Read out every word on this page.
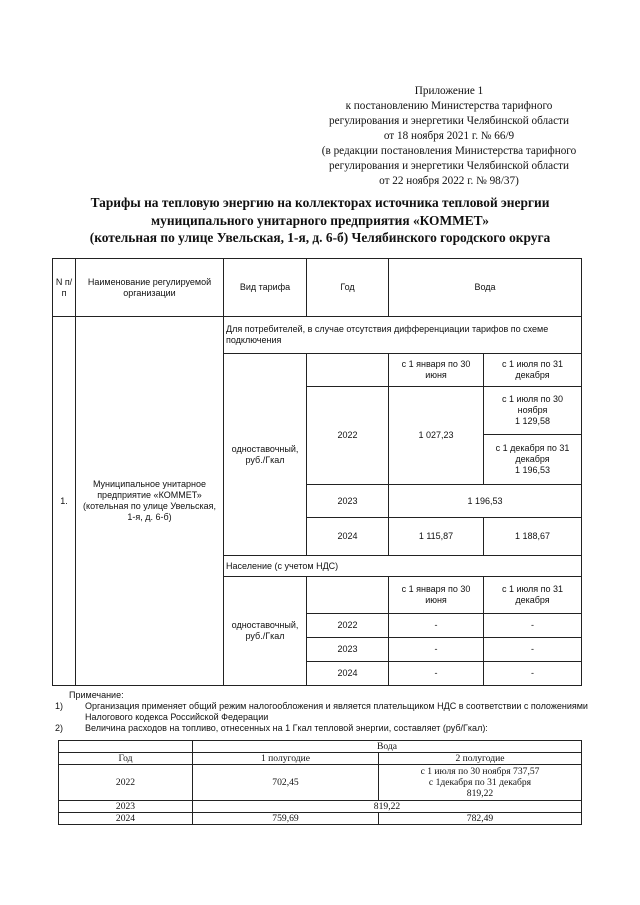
Приложение 1
к постановлению Министерства тарифного
регулирования и энергетики Челябинской области
от 18 ноября 2021 г. № 66/9
(в редакции постановления Министерства тарифного
регулирования и энергетики Челябинской области
от 22 ноября 2022 г. № 98/37)
Тарифы на тепловую энергию на коллекторах источника тепловой энергии
муниципального унитарного предприятия «КОММЕТ»
(котельная по улице Увельская, 1-я, д. 6-б) Челябинского городского округа
N п/п	Наименование регулируемой организации	Вид тарифа	Год	Вода	
1.	Муниципальное унитарное предприятие «КОММЕТ» (котельная по улице Увельская, 1-я, д. 6-б)	Для потребителей, в случае отсутствия дифференциации тарифов по схеме подключения			
		одноставочный, руб./Гкал		с 1 января по 30 июня	с 1 июля по 31 декабря
			2022	1 027,23	с 1 июля по 30 ноября
1 129,58

					с 1 декабря по 31 декабря
1 196,53

			2023	1 196,53	
			2024	1 115,87	1 188,67

		Население (с учетом НДС)			
		одноставочный, руб./Гкал		с 1 января по 30 июня	с 1 июля по 31 декабря
			2022	-	-
			2023	-	-
			2024	-	-
Примечание:
1)	Организация применяет общий режим налогообложения и является плательщиком НДС в соответствии с положениями Налогового кодекса Российской Федерации
2)	Величина расходов на топливо, отнесенных на 1 Гкал тепловой энергии, составляет (руб/Гкал):
	Вода	
Год	1 полугодие	2 полугодие
2022	702,45	с 1 июля по 30 ноября 737,57
с 1декабря по 31 декабря
819,22

2023	819,22	
2024	759,69	782,49
